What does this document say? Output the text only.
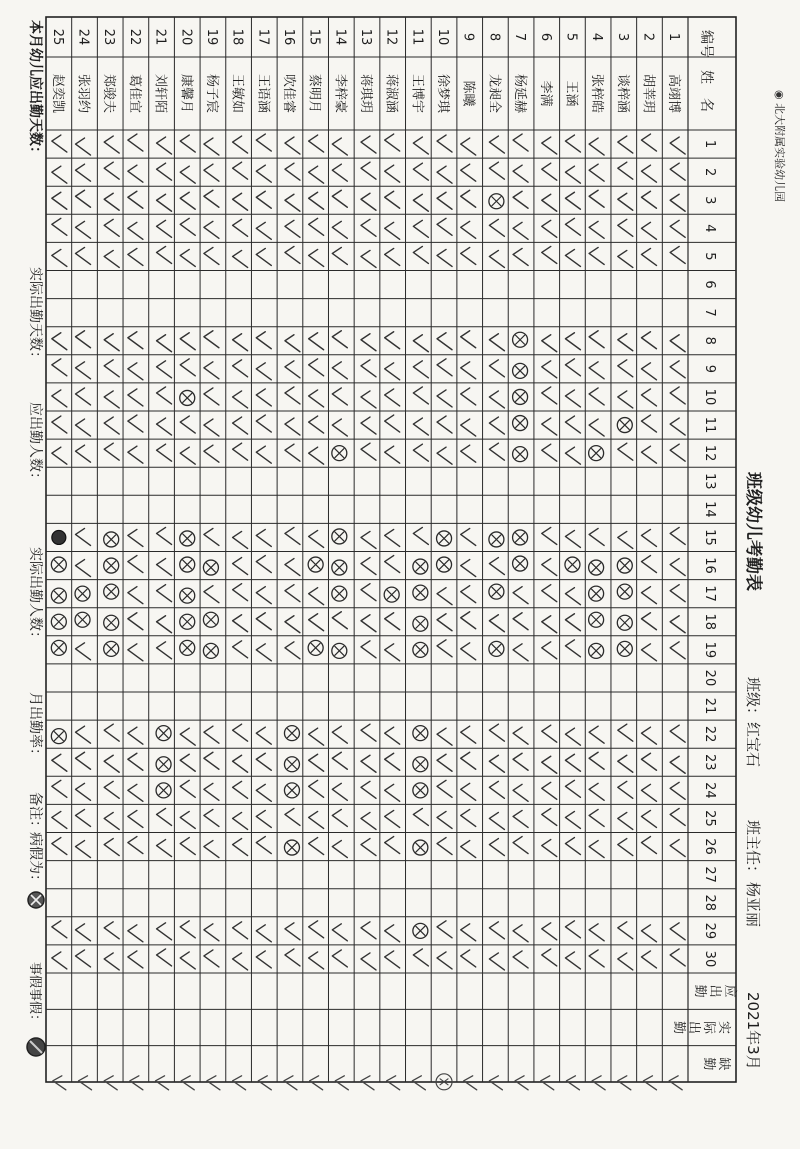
◉ 北大附属实验幼儿园
班级幼儿考勤表
班级：
红宝石
班主任：
杨亚丽
2021年3月
编号
姓名
1
2
3
4
5
6
7
8
9
10
11
12
13
14
15
16
17
18
19
20
21
22
23
24
25
26
27
28
29
30
应出勤
实际出勤
缺勤
1
高翊博
2
胡莘玥
3
谈梓涵
4
张梓皓
5
王涵
6
李满
7
杨延赫
8
龙昶全
9
陈曦
10
徐梦琪
11
王博宇
12
蒋淑涵
13
蒋琪玥
14
李梓豪
15
蔡明月
16
吹佳睿
17
王语涵
18
王敏如
19
杨子宸
20
康馨月
21
刘轩陌
22
葛佳宜
23
郑骏夫
24
张羽约
25
赵奕凯
本月幼儿应出勤天数：
实际出勤天数：
应出勤人数：
实际出勤人数：
月出勤率：
备注：
病假为：
事假事假：
